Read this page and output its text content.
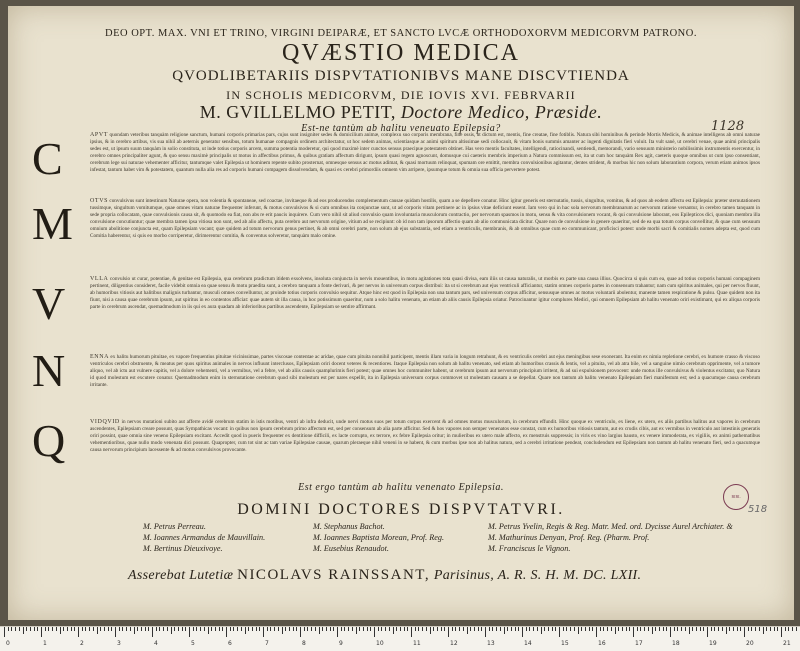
DEO OPT. MAX. VNI ET TRINO, VIRGINI DEIPARÆ, ET SANCTO LVCÆ ORTHODOXORVM MEDICORVM PATRONO.
QVÆSTIO MEDICA
QVODLIBETARIIS DISPVTATIONIBVS MANE DISCVTIENDA
IN SCHOLIS MEDICORVM, DIE IOVIS XVI. FEBRVARII
M. GVILLELMO PETIT, Doctore Medico, Præside.
Est-ne tantùm ab halitu veneuato Epilepsia?	1128
C	APVT quondam veteribus tanquàm religione sanctum, humani corporis primarias pars, cujus sunt insigniter sedes & domicilium animæ, complexu suo corporis membrana, fine ossis, ut dictum est, mentis, fine creatae, fine fotiblis. Natura sibi hominibus & perinde Mortis Medicis, & animae intelligens ab omni naturae ipsius, & in cerebro artibus, vis sua nihil ab aeternis generatur sensibus, totum humanae compagnis ordinem architectatur, ut hoc sedem animas, scientiasque ac animi spiritum altissimae sedi collocauit, & vitam bonis summis amanter ac ingenti dignitatis fieri voluit. Ita vult sanè, ut cerebri venae, quae animi principalis sedes est, ut ipsum suum tanquàm in solio constituta, ut inde totius corporis arcem, summa potentia moderetur, qui quod maximè inter cunctos sensus praecipue potestatem obtinet. Has vero mentis facultates, intelligendi, ratiocinandi, sentiendi, memorandi, vario sensuum ministerio nobilissimis instrumentis exercentur, in cerebro omnes principaliter agunt, & quo sensu maximè principalis ut motus in affectibus primus, & quibus gratiam affectum dirigunt, ipsum quasi regem agnoscunt, domusque cui caeteris membris imperium a Natura commissum est, ita ut cum hoc tanquàm Rex agit, caeteris quoque omnibus ut cum ipso consentiant, cerebrum lege sui naturae vehementer afficitur, tantumque valet Epilepsia ut hominem repente subito prosternat, omnesque sensus ac motus adimat, & quasi mortuum relinquat, spumam ore emittit, membra convulsionibus agitantur, dentes strident, & morbus hic non solum laborantium corpora, verum etiam animos ipsos infestat, tantum habet vim & potestatem, quantum nulla alia res ad corporis humani compagem dissolvendam, & quasi ex cerebri primordiis omnem vim arripere, ipsumque totum & omnia sua officia pervertere potest.
M	OTVS convulsivus sunt intestinum Naturae opera, non volentia & spontaneae, sed coactae, invitaeque & ad eos producendos complementum causae quidam hostilis, quam a se depellere conatur. Hinc igitur generis est sternutatio, tussis, singultus, vomitus, & ad quos ab eodem affectu est Epilepsia: præter sternutationem tussimque, singultum vomitumque, quae omnes vitam naturae frequenter inferunt, & motus convulsivos & si cum omnibus ita conjunctae sunt, ut ad corporis vitam pertinere ac in ipsius vitae deficiunt essent. Iam vero qui in hac sola nervorum membranarum ac nervorum ratione versantur, in cerebro tamen tanquam in sede propria collocatam, quae convulsionis causa sit, & quomodo ea fiat, non abs re erit paucis inquirere. Cum vero nihil sit aliud convulsio quam involuntaria musculorum contractio, per nervorum spasmos in motu, sensu & vita convulsionem vocant, & qui convulsione laborant, eos Epilepticos dici, quoniam membra illa convulsione concutiuntur; quae membra tamen ipsa vitiosa non sunt, sed ab alio affectu, puta cerebro aut nervorum origine, vitium ad se recipiunt: ob id non tam ipsorum affectio quam ab alio communicata dicitur. Quare non de convulsione in genere quaeritur, sed de ea qua totum corpus convellitur, & quae cum sensuum omnium abolitione conjuncta est, quam Epilepsiam vocant; quæ quidem ad totum nervorum genus pertinet, & ab omni cerebri parte, non solum ab ejus substantia, sed etiam a ventriculis, membranis, & ab omnibus quae cum eo communicant, proficisci potest: unde morbi sacri & comitialis nomen adepta est, quod cum Comitia haberentur, si quis eo morbo corriperetur, dirimerentur comitia, & conventus solveretur, tanquàm malo omine.
V	VLLA convulsio ut curar, potentiae, & genitae est Epilepsia, qua cerebrum pradictum itidem exsolvens, insoluta conjuncta in nervis mouentibus, in motu agitationes tota quasi divisa, eam iliis ut causa naturalis, ut morbis ex parte una causa illius. Quocirca si quis cum ea, quae ad totius corporis humani compaginem pertinent, diligentius consideret, facile videbit omnia ea quae sensu & motu praedita sunt, a cerebro tanquam a fonte derivari, & per nervos in universum corpus distribui: ita ut si cerebrum aut ejus ventriculi afficiantur, statim omnes corporis partes in consensum trahantur; nam cum spiritus animales, qui per nervos fluunt, ab humoribus vitiosis aut halitibus malignis turbantur, musculi omnes convelluntur, ac proinde totius corporis convulsio sequitur. Atque hinc est quod in Epilepsia non una tantum pars, sed universum corpus afficitur, sensusque omnes ac motus voluntarii abolentur, manente tamen respiratione & pulsu. Quae quidem non ita fiunt, nisi a causa quae cerebrum ipsum, aut spiritus in eo contentos afficiat: quae autem sit illa causa, in hoc potissimum quaeritur, num a solo halitu venenato, an etiam ab aliis causis Epilepsia oriatur. Patrocinantur igitur complures Medici, qui omnem Epilepsiam ab halitu venenato oriri existimant, qui ex aliqua corporis parte in cerebrum ascendat, quemadmodum in iis qui ex aura quadam ab inferioribus partibus ascendente, Epilepsiam se sentire affirmant.
N	ENNA ex halitu humorum pituitae, ex vapore frequentius pituitae vicinissimae, partes viscosae contentae ac aridae, quae cum pituita nonnihil participent, mentis illam varia in longum retrahunt, & ex ventriculis cerebri aut ejus meningibus sese exonerant. Ita enim ex nimia repletione cerebri, ex humore crasso & viscoso ventriculos cerebri obstruente, & meatus per quos spiritus animales in nervos influunt interclusos, Epilepsiam oriri docent veteres & recentiores. Itaque Epilepsia non solum ab halitu venenato, sed etiam ab humoribus crassis & lentis, vel a pituita, vel ab atra bile, vel a sanguine nimio cerebrum opprimente, vel a tumore aliquo, vel ab ictu aut vulnere capitis, vel a dolore vehementi, vel a vermibus, vel a febre, vel ab aliis causis quamplurimis fieri potest; quae omnes hoc communiter habent, ut cerebrum ipsum aut nervorum principium irritent, & ad sui expulsionem provocent: unde motus ille convulsivus & violentus excitatur, quo Natura id quod molestum est excutere conatur. Quemadmodum enim in sternutatione cerebrum quod sibi molestum est per nares expellit, ita in Epilepsia universum corpus commovet ut molestam causam a se depellat. Quare non tantum ab halitu venenato Epilepsiam fieri manifestum est; sed a quacumque causa cerebrum irritante.
Q	VIDQVID in nervos mutationi subito aut afferre avidè cerebrum statim in istis motibus, ventri ab infra deducit, unde nervi motus suos per totum corpus exercent & ad omnes motus musculorum, in cerebrum effundit. Hinc quoque ex ventriculo, ex liene, ex utero, ex aliis partibus halitus aut vapores in cerebrum ascendentes, Epilepsiam creare possunt, quas Sympathicas vocant: in quibus non ipsum cerebrum primo affectum est, sed per consensum ab alia parte afficitur. Sed & hos vapores non semper venenatos esse constat, cum ex humoribus vitiosis tantum, aut ex crudis cibis, aut ex vermibus in ventriculo aut intestinis generatis oriri possint, quae omnia sine veneno Epilepsiam excitant. Accedit quod in pueris frequenter ex dentitione difficili, ex lacte corrupto, ex terrore, ex febre Epilepsia oritur; in mulieribus ex utero male affecto, ex menstruis suppressis; in viris ex vino largius hausto, ex venere immoderata, ex vigiliis, ex animi pathematibus vehementioribus, quae nullo modo venenata dici possunt. Quapropter, cum tot sint ac tam variae Epilepsiae causae, quarum pleraeque nihil veneni in se habent, & cum morbus ipse non ab halitus natura, sed a cerebri irritatione pendeat, concludendum est Epilepsiam non tantum ab halitu venenato fieri, sed a quacumque causa nervorum principium lacessente & ad motus convulsivos provocante.
Est ergo tantùm ab halitu venenato Epilepsia.
DOMINI DOCTORES DISPVTATVRI.
M. Petrus Perreau.	M. Stephanus Bachot.	M. Petrus Yvelin, Regis & Reg. Matr. Med. ord. Dycisse Aurel Archiater. &
M. Ioannes Armandus de Mauvillain.	M. Ioannes Baptista Morean, Prof. Reg.	M. Mathurinus Denyan, Prof. Reg. (Pharm. Prof.
M. Bertinus Dieuxivoye.	M. Eusebius Renaudot.	M. Franciscus le Vignon.
Asserebat Lutetiæ NICOLAVS RAINSSANT, Parisinus, A. R. S. H. M. DC. LXII.
BIBL
518
0	1	2	3	4	5	6	7	8	9	10	11	12	13	14	15	16	17	18	19	20	21
